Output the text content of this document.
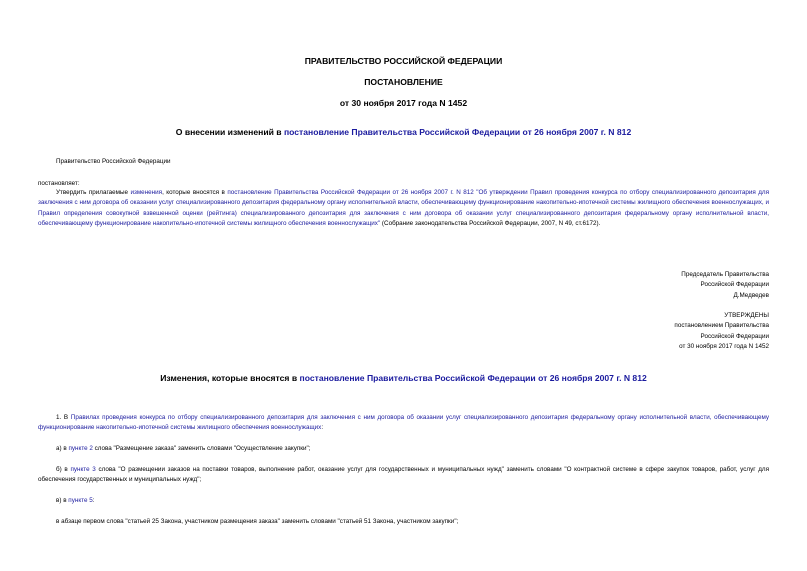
ПРАВИТЕЛЬСТВО РОССИЙСКОЙ ФЕДЕРАЦИИ
ПОСТАНОВЛЕНИЕ
от 30 ноября 2017 года N 1452
О внесении изменений в постановление Правительства Российской Федерации от 26 ноября 2007 г. N 812
Правительство Российской Федерации
постановляет:
Утвердить прилагаемые изменения, которые вносятся в постановление Правительства Российской Федерации от 26 ноября 2007 г. N 812 "Об утверждении Правил проведения конкурса по отбору специализированного депозитария для заключения с ним договора об оказании услуг специализированного депозитария федеральному органу исполнительной власти, обеспечивающему функционирование накопительно-ипотечной системы жилищного обеспечения военнослужащих, и Правил определения совокупной взвешенной оценки (рейтинга) специализированного депозитария для заключения с ним договора об оказании услуг специализированного депозитария федеральному органу исполнительной власти, обеспечивающему функционирование накопительно-ипотечной системы жилищного обеспечения военнослужащих" (Собрание законодательства Российской Федерации, 2007, N 49, ст.6172).
Председатель Правительства
Российской Федерации
Д.Медведев
УТВЕРЖДЕНЫ
постановлением Правительства
Российской Федерации
от 30 ноября 2017 года N 1452
Изменения, которые вносятся в постановление Правительства Российской Федерации от 26 ноября 2007 г. N 812
1. В Правилах проведения конкурса по отбору специализированного депозитария для заключения с ним договора об оказании услуг специализированного депозитария федеральному органу исполнительной власти, обеспечивающему функционирование накопительно-ипотечной системы жилищного обеспечения военнослужащих:
а) в пункте 2 слова "Размещение заказа" заменить словами "Осуществление закупки";
б) в пункте 3 слова "О размещении заказов на поставки товаров, выполнение работ, оказание услуг для государственных и муниципальных нужд" заменить словами "О контрактной системе в сфере закупок товаров, работ, услуг для обеспечения государственных и муниципальных нужд";
в) в пункте 5:
в абзаце первом слова "статьей 25 Закона, участником размещения заказа" заменить словами "статьей 51 Закона, участником закупки";
